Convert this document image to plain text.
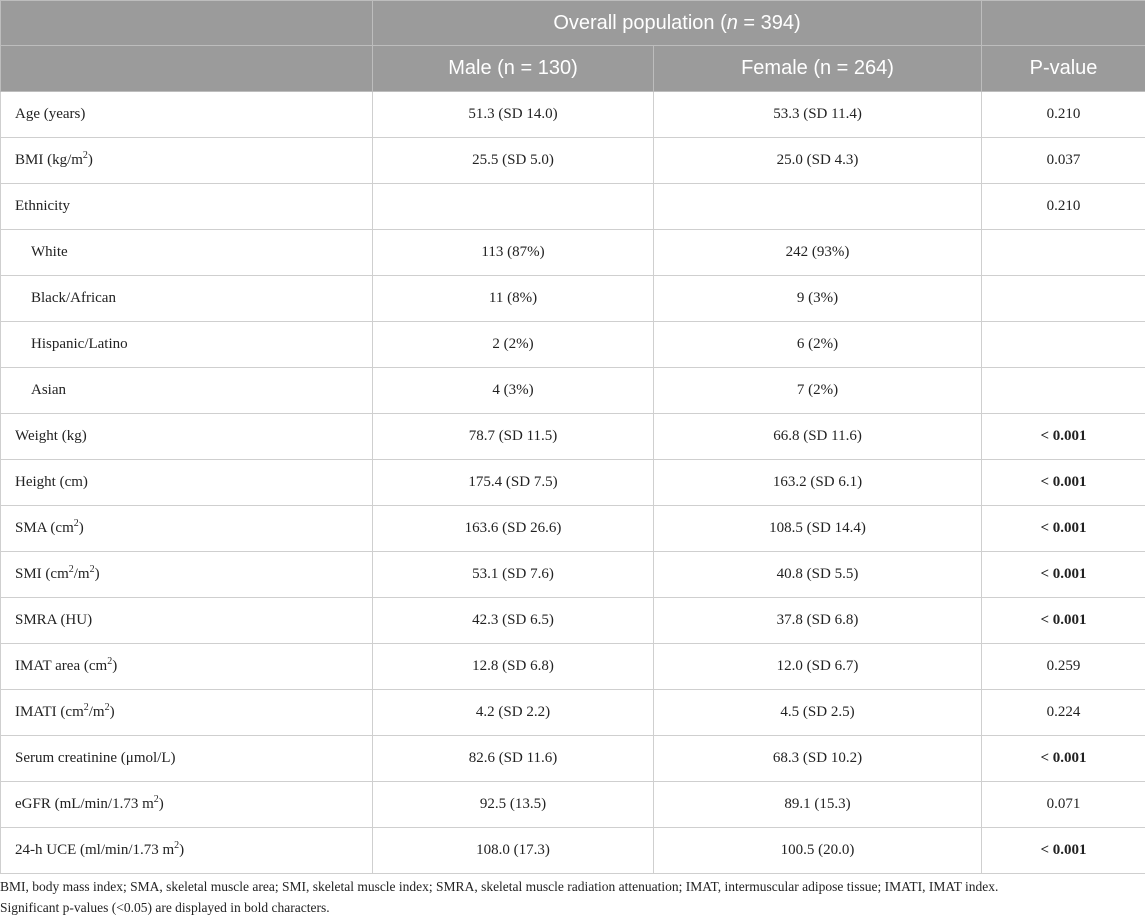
	Overall population (n = 394)		
	Male (n = 130)	Female (n = 264)	P-value
Age (years)	51.3 (SD 14.0)	53.3 (SD 11.4)	0.210
BMI $(kg/m^2)$	25.5 (SD 5.0)	25.0 (SD 4.3)	0.037
Ethnicity			0.210
White	113 (87%)	242 (93%)	
Black/African	11 (8%)	9 (3%)	
Hispanic/Latino	2 (2%)	6 (2%)	
Asian	4 (3%)	7 (2%)	
Weight (kg)	78.7 (SD 11.5)	66.8 (SD 11.6)	< 0.001
Height (cm)	175.4 (SD 7.5)	163.2 (SD 6.1)	< 0.001
SMA $(cm^2)$	163.6 (SD 26.6)	108.5 (SD 14.4)	< 0.001
SMI $(cm^2/m^2)$	53.1 (SD 7.6)	40.8 (SD 5.5)	< 0.001
SMRA (HU)	42.3 (SD 6.5)	37.8 (SD 6.8)	< 0.001
IMAT area $(cm^2)$	12.8 (SD 6.8)	12.0 (SD 6.7)	0.259
IMATI $(cm^2/m^2)$	4.2 (SD 2.2)	4.5 (SD 2.5)	0.224
Serum creatinine (μmol/L)	82.6 (SD 11.6)	68.3 (SD 10.2)	< 0.001
eGFR (mL/min/1.73 $m^2$)	92.5 (13.5)	89.1 (15.3)	0.071
24-h UCE (ml/min/1.73 $m^2$)	108.0 (17.3)	100.5 (20.0)	< 0.001
BMI, body mass index; SMA, skeletal muscle area; SMI, skeletal muscle index; SMRA, skeletal muscle radiation attenuation; IMAT, intermuscular adipose tissue; IMATI, IMAT index.
Significant p-values (<0.05) are displayed in bold characters.
